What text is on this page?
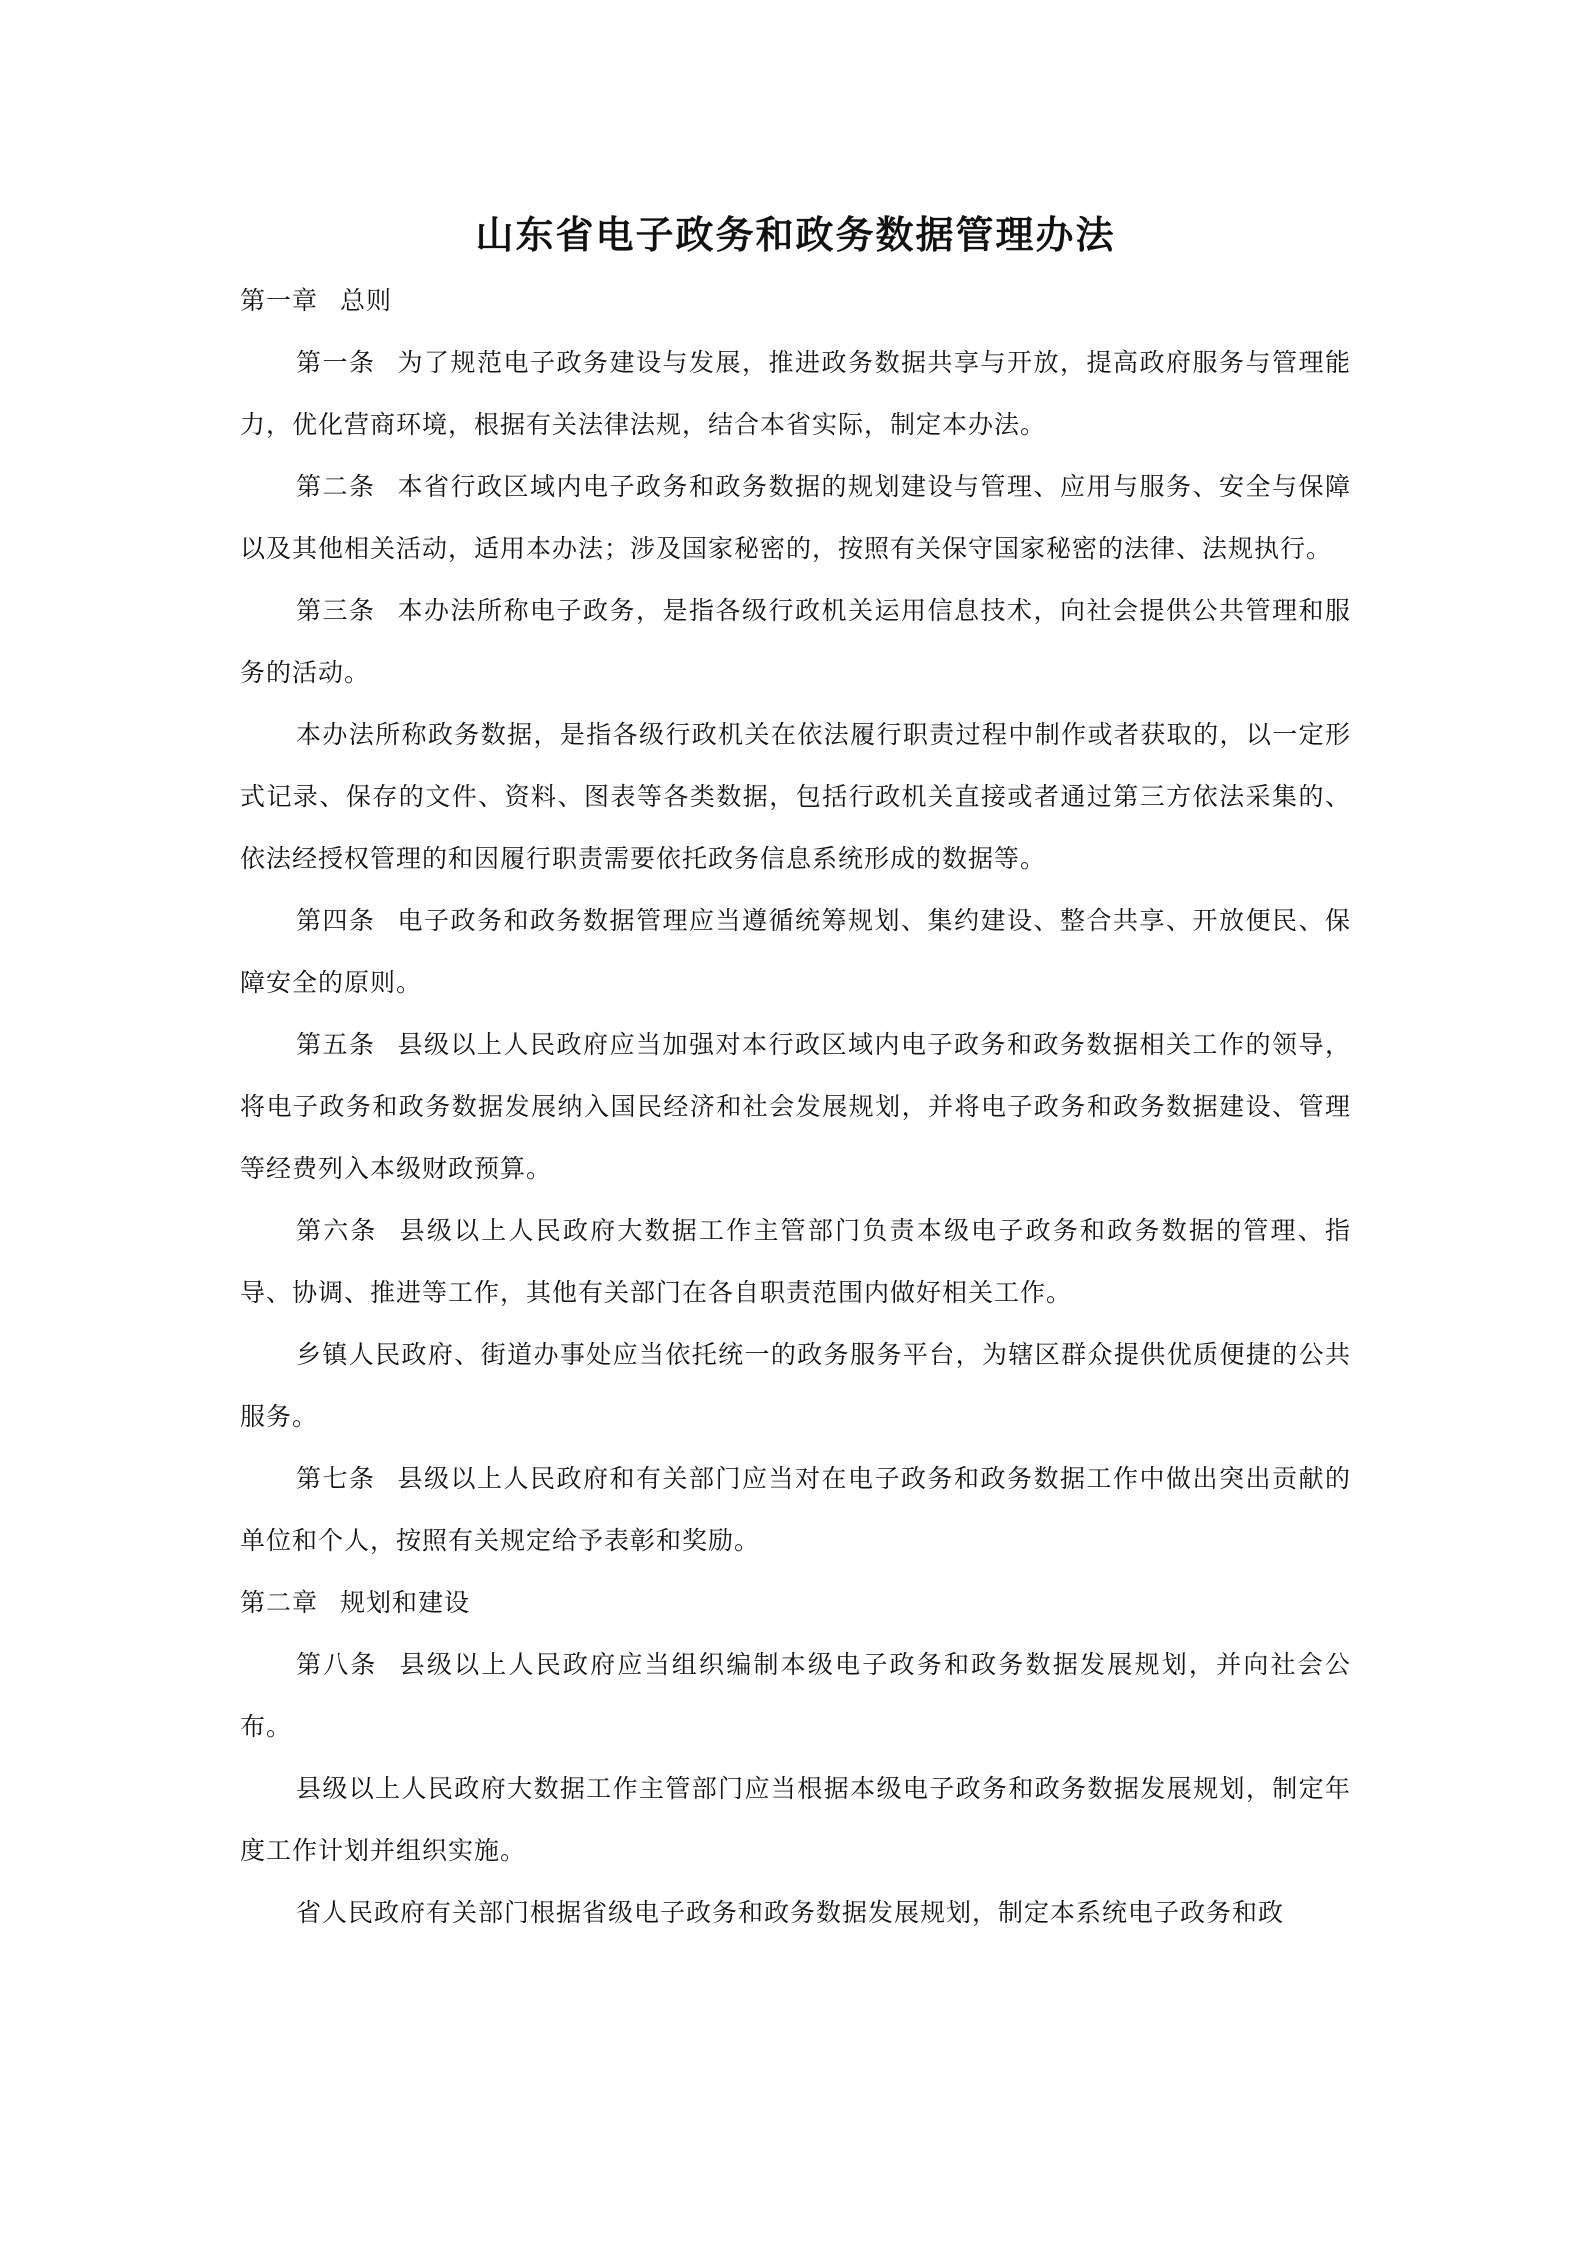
山东省电子政务和政务数据管理办法
第一章 总则

第一条 为了规范电子政务建设与发展，推进政务数据共享与开放，提高政府服务与管理能力，优化营商环境，根据有关法律法规，结合本省实际，制定本办法。

第二条 本省行政区域内电子政务和政务数据的规划建设与管理、应用与服务、安全与保障以及其他相关活动，适用本办法；涉及国家秘密的，按照有关保守国家秘密的法律、法规执行。

第三条 本办法所称电子政务，是指各级行政机关运用信息技术，向社会提供公共管理和服务的活动。

本办法所称政务数据，是指各级行政机关在依法履行职责过程中制作或者获取的，以一定形式记录、保存的文件、资料、图表等各类数据，包括行政机关直接或者通过第三方依法采集的、依法经授权管理的和因履行职责需要依托政务信息系统形成的数据等。

第四条 电子政务和政务数据管理应当遵循统筹规划、集约建设、整合共享、开放便民、保障安全的原则。

第五条 县级以上人民政府应当加强对本行政区域内电子政务和政务数据相关工作的领导，将电子政务和政务数据发展纳入国民经济和社会发展规划，并将电子政务和政务数据建设、管理等经费列入本级财政预算。

第六条 县级以上人民政府大数据工作主管部门负责本级电子政务和政务数据的管理、指导、协调、推进等工作，其他有关部门在各自职责范围内做好相关工作。

乡镇人民政府、街道办事处应当依托统一的政务服务平台，为辖区群众提供优质便捷的公共服务。

第七条 县级以上人民政府和有关部门应当对在电子政务和政务数据工作中做出突出贡献的单位和个人，按照有关规定给予表彰和奖励。

第二章 规划和建设

第八条 县级以上人民政府应当组织编制本级电子政务和政务数据发展规划，并向社会公布。

县级以上人民政府大数据工作主管部门应当根据本级电子政务和政务数据发展规划，制定年度工作计划并组织实施。

省人民政府有关部门根据省级电子政务和政务数据发展规划，制定本系统电子政务和政
